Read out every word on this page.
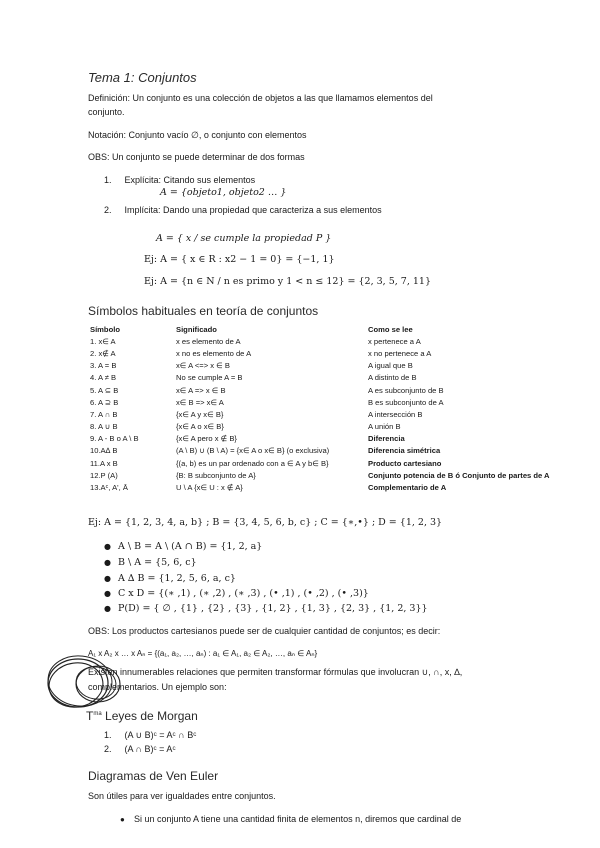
Tema 1: Conjuntos
Definición: Un conjunto es una colección de objetos a las que llamamos elementos del
conjunto.
Notación: Conjunto vacío ∅, o conjunto con elementos
OBS: Un conjunto se puede determinar de dos formas
1. Explícita: Citando sus elementos
A = {objeto1, objeto2 … }
2. Implícita: Dando una propiedad que caracteriza a sus elementos
A = { x / se cumple la propiedad P }
Ej: A = { x ∈ R : x2 − 1 = 0} = {−1, 1}
Ej: A = {n ∈ N / n es primo y 1 < n ≤ 12} = {2, 3, 5, 7, 11}
Símbolos habituales en teoría de conjuntos
Símbolo	Significado	Como se lee
1. x∈ A	x es elemento de A	x pertenece a A
2. x∉ A	x no es elemento de A	x no pertenece a A
3. A = B	x∈ A <=> x ∈ B	A igual que B
4. A ≠ B	No se cumple A = B	A distinto de B
5. A ⊆ B	x∈ A => x ∈ B	A es subconjunto de B
6. A ⊇ B	x∈ B => x∈ A	B es subconjunto de A
7. A ∩ B	{x∈ A y x∈ B}	A intersección B
8. A ∪ B	{x∈ A o x∈ B}	A unión B
9. A - B o A \ B	{x∈ A pero x ∉ B}	Diferencia
10.A∆ B	(A \ B) ∪ (B \ A) = {x∈ A o x∈ B} (o exclusiva)	Diferencia simétrica
11.A x B	{(a, b) es un par ordenado con a ∈ A y b∈ B}	Producto cartesiano
12.P (A)	{B: B subconjunto de A}	Conjunto potencia de B ó Conjunto de partes de A
13.Aᶜ, A', Ā	U \ A {x∈ U : x ∉ A}	Complementario de A
Ej: A = {1, 2, 3, 4, a, b} ; B = {3, 4, 5, 6, b, c} ; C = {∗,•} ; D = {1, 2, 3}
● A \ B = A \ (A ∩ B) = {1, 2, a}
● B \ A = {5, 6, c}
● A ∆ B = {1, 2, 5, 6, a, c}
● C x D = {(∗ ,1) , (∗ ,2) , (∗ ,3) , (• ,1) , (• ,2) , (• ,3)}
● P(D) = { ∅ , {1} , {2} , {3} , {1, 2} , {1, 3} , {2, 3} , {1, 2, 3}}
OBS: Los productos cartesianos puede ser de cualquier cantidad de conjuntos; es decir:
A₁ x A₂ x … x Aₙ = {(a₁, a₂, …, aₙ) : a₁ ∈ A₁, a₂ ∈ A₂, …, aₙ ∈ Aₙ}
Existen innumerables relaciones que permiten transformar fórmulas que involucran ∪, ∩, x, ∆,
complementarios. Un ejemplo son:
$T^{ma}$ Leyes de Morgan
1. (A ∪ B)ᶜ = Aᶜ ∩ Bᶜ
2. (A ∩ B)ᶜ = Aᶜ
Diagramas de Ven Euler
Son útiles para ver igualdades entre conjuntos.
● Si un conjunto A tiene una cantidad finita de elementos n, diremos que cardinal de
